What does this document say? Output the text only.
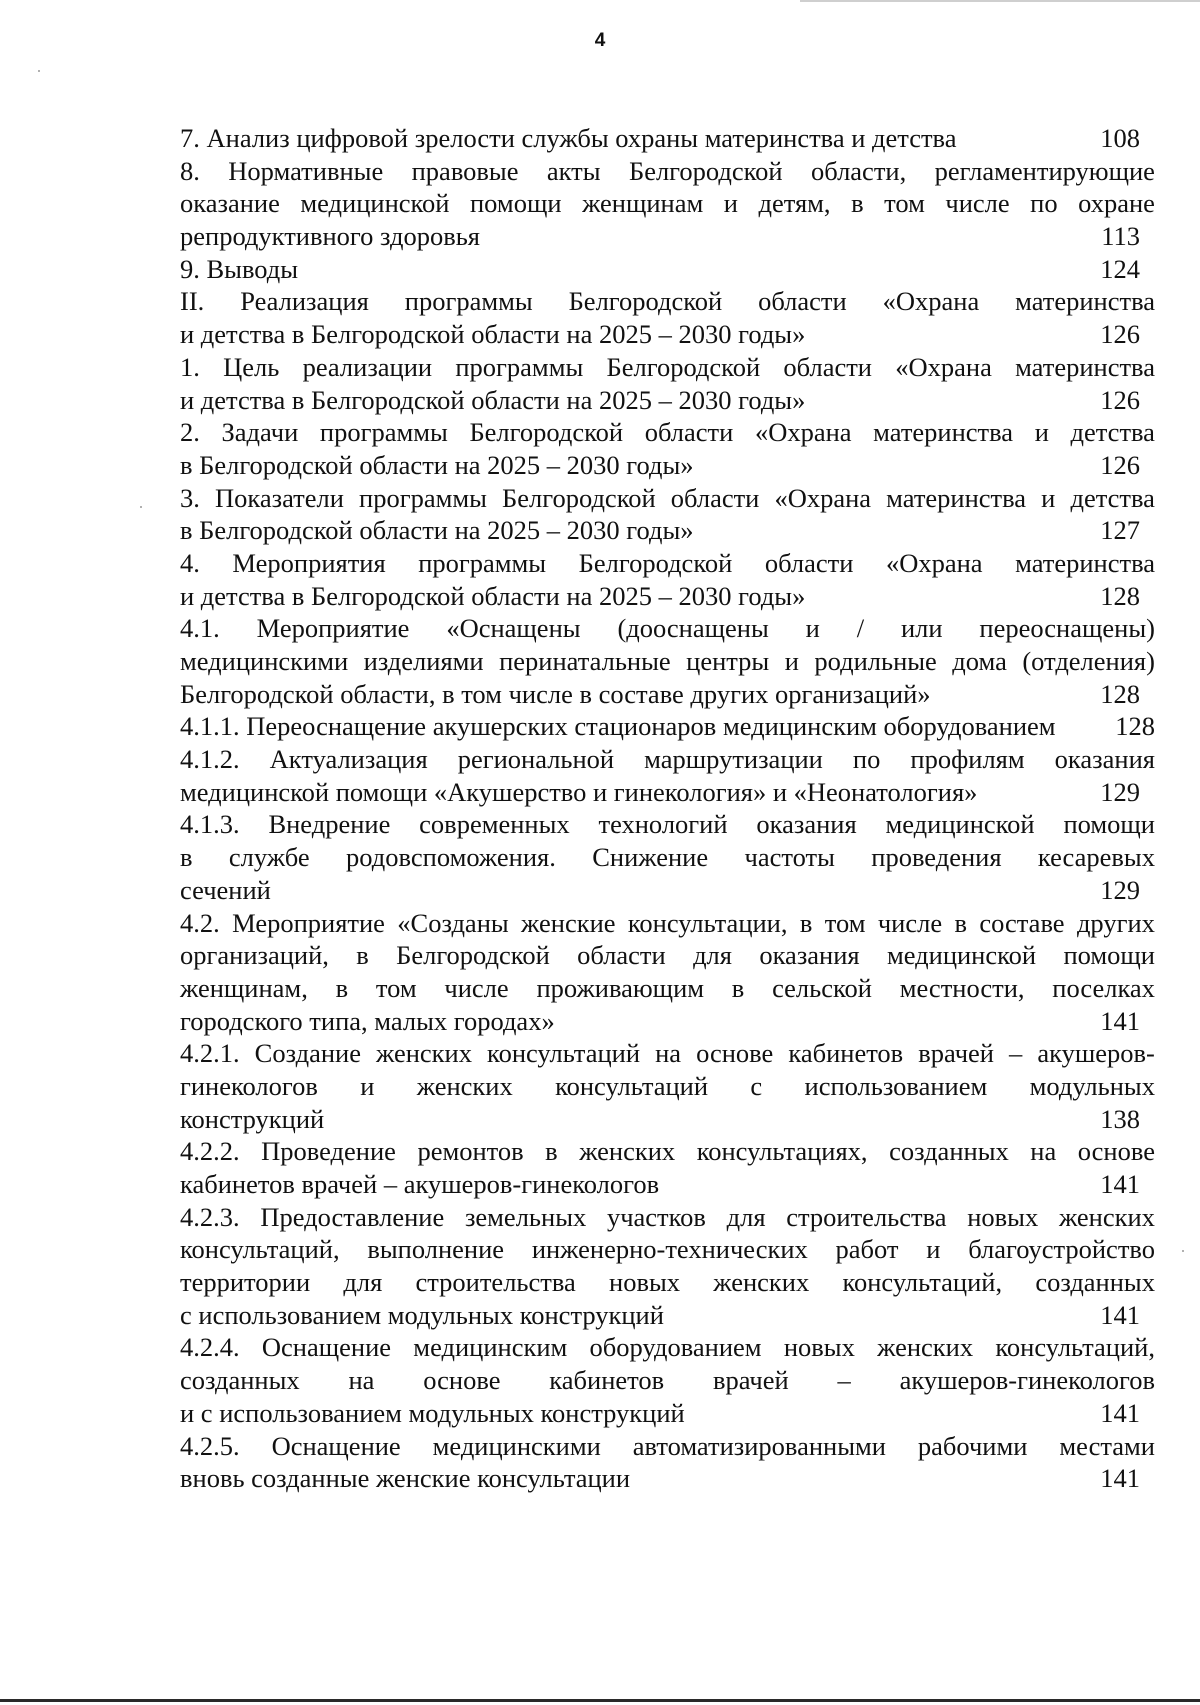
4
7. Анализ цифровой зрелости службы охраны материнства и детства	108
8. Нормативные правовые акты Белгородской области, регламентирующие
оказание медицинской помощи женщинам и детям, в том числе по охране
репродуктивного здоровья	113
9. Выводы	124
II. Реализация программы Белгородской области «Охрана материнства
и детства в Белгородской области на 2025 – 2030 годы»	126
1. Цель реализации программы Белгородской области «Охрана материнства
и детства в Белгородской области на 2025 – 2030 годы»	126
2. Задачи программы Белгородской области «Охрана материнства и детства
в Белгородской области на 2025 – 2030 годы»	126
3. Показатели программы Белгородской области «Охрана материнства и детства
в Белгородской области на 2025 – 2030 годы»	127
4. Мероприятия программы Белгородской области «Охрана материнства
и детства в Белгородской области на 2025 – 2030 годы»	128
4.1. Мероприятие «Оснащены (дооснащены и / или переоснащены)
медицинскими изделиями перинатальные центры и родильные дома (отделения)
Белгородской области, в том числе в составе других организаций»	128
4.1.1. Переоснащение акушерских стационаров медицинским оборудованием 128
4.1.2. Актуализация региональной маршрутизации по профилям оказания
медицинской помощи «Акушерство и гинекология» и «Неонатология»	129
4.1.3. Внедрение современных технологий оказания медицинской помощи
в службе родовспоможения. Снижение частоты проведения кесаревых
сечений	129
4.2. Мероприятие «Созданы женские консультации, в том числе в составе других
организаций, в Белгородской области для оказания медицинской помощи
женщинам, в том числе проживающим в сельской местности, поселках
городского типа, малых городах»	141
4.2.1. Создание женских консультаций на основе кабинетов врачей – акушеров-
гинекологов и женских консультаций с использованием модульных
конструкций	138
4.2.2. Проведение ремонтов в женских консультациях, созданных на основе
кабинетов врачей – акушеров-гинекологов	141
4.2.3. Предоставление земельных участков для строительства новых женских
консультаций, выполнение инженерно-технических работ и благоустройство
территории для строительства новых женских консультаций, созданных
с использованием модульных конструкций	141
4.2.4. Оснащение медицинским оборудованием новых женских консультаций,
созданных на основе кабинетов врачей – акушеров-гинекологов
и с использованием модульных конструкций	141
4.2.5. Оснащение медицинскими автоматизированными рабочими местами
вновь созданные женские консультации	141
